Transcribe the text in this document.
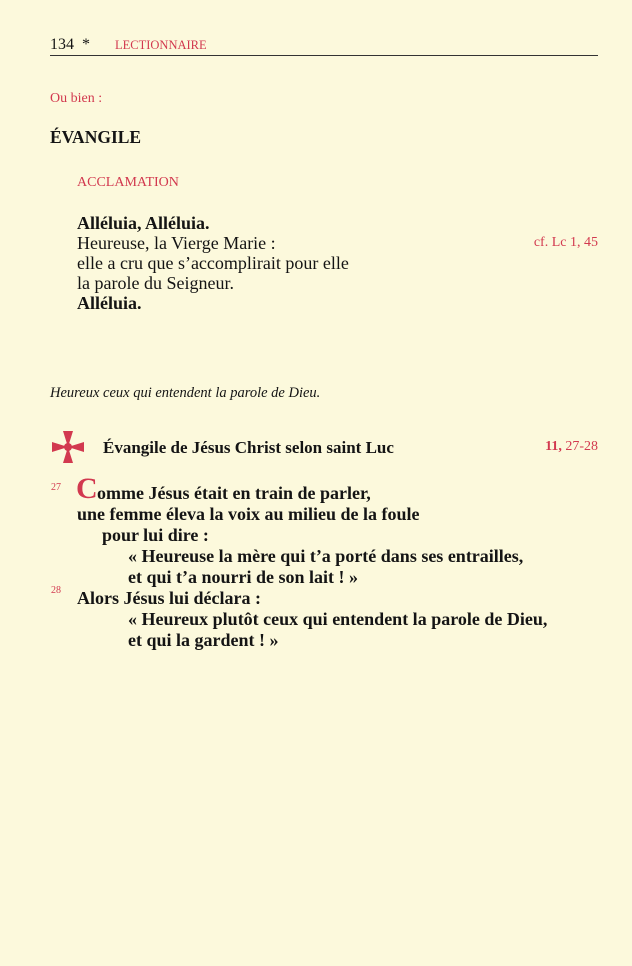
134 * LECTIONNAIRE
Ou bien :
ÉVANGILE
ACCLAMATION
Alléluia, Alléluia.
Heureuse, la Vierge Marie :
elle a cru que s’accomplirait pour elle
la parole du Seigneur.
Alléluia.
cf. Lc 1, 45
Heureux ceux qui entendent la parole de Dieu.
Évangile de Jésus Christ selon saint Luc	11, 27-28
27 C omme Jésus était en train de parler,
une femme éleva la voix au milieu de la foule
pour lui dire :
« Heureuse la mère qui t’a porté dans ses entrailles,
et qui t’a nourri de son lait ! »
28 Alors Jésus lui déclara :
« Heureux plutôt ceux qui entendent la parole de Dieu,
et qui la gardent ! »
